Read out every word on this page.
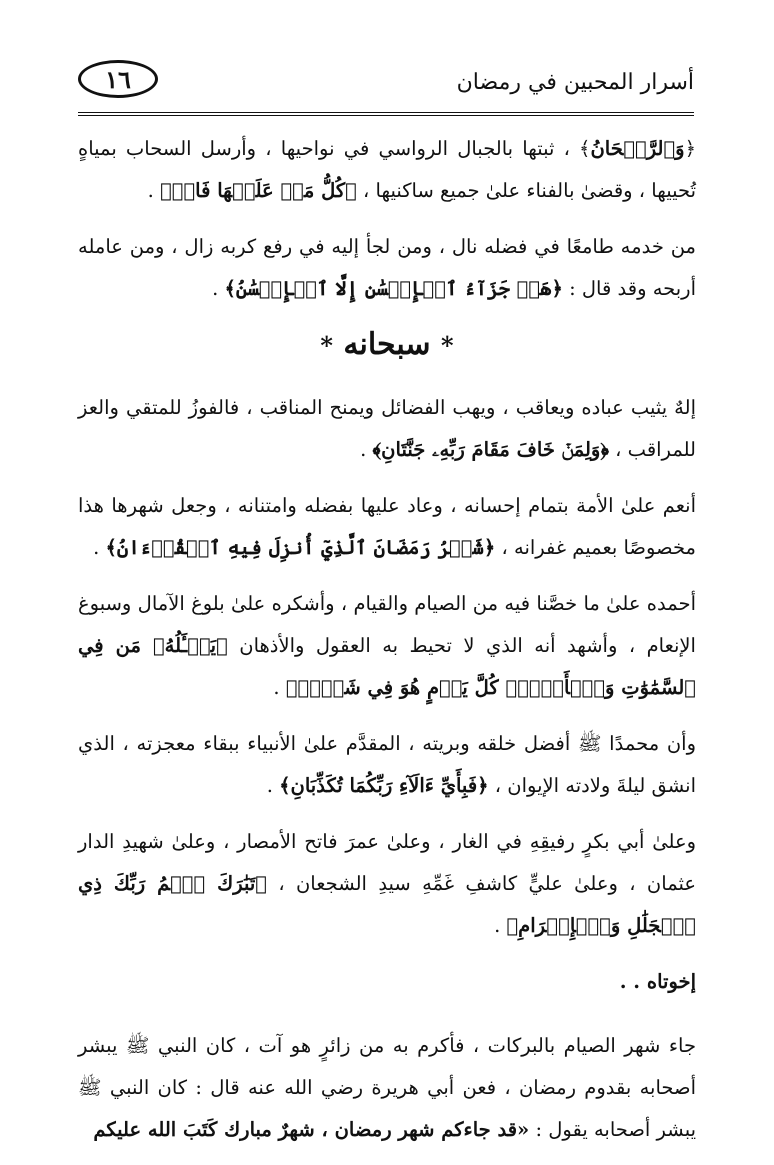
١٦	أسرار المحبين في رمضان

﴿وَٱلرَّيۡحَانُ﴾ ، ثبتها بالجبال الرواسي في نواحيها ، وأرسل السحاب بمياهٍ تُحييها ، وقضىٰ بالفناء علىٰ جميع ساكنيها ، ﴿كُلُّ مَنۡ عَلَيۡهَا فَانٖ﴾ .

من خدمه طامعًا في فضله نال ، ومن لجأ إليه في رفع كربه زال ، ومن عامله أربحه وقد قال : ﴿هَلۡ جَزَآءُ ٱلۡإِحۡسَٰنِ إِلَّا ٱلۡإِحۡسَٰنُ﴾ .

* سبحانه *

إلهٌ يثيب عباده ويعاقب ، ويهب الفضائل ويمنح المناقب ، فالفوزُ للمتقي والعز للمراقب ، ﴿وَلِمَنۡ خَافَ مَقَامَ رَبِّهِۦ جَنَّتَانِ﴾ .

أنعم علىٰ الأمة بتمام إحسانه ، وعاد عليها بفضله وامتنانه ، وجعل شهرها هذا مخصوصًا بعميم غفرانه ، ﴿شَهۡرُ رَمَضَانَ ٱلَّذِيٓ أُنزِلَ فِيهِ ٱلۡقُرۡءَانُ﴾ .

أحمده علىٰ ما خصَّنا فيه من الصيام والقيام ، وأشكره علىٰ بلوغ الآمال وسبوغ الإنعام ، وأشهد أنه الذي لا تحيط به العقول والأذهان ﴿يَسۡـَٔلُهُۥ مَن فِي ٱلسَّمَٰوَٰتِ وَٱلۡأَرۡضِۚ كُلَّ يَوۡمٍ هُوَ فِي شَأۡنٖ﴾ .

وأن محمدًا ﷺ أفضل خلقه وبريته ، المقدَّم علىٰ الأنبياء ببقاء معجزته ، الذي انشق ليلةَ ولادته الإيوان ، ﴿فَبِأَيِّ ءَالَآءِ رَبِّكُمَا تُكَذِّبَانِ﴾ .

وعلىٰ أبي بكرٍ رفيقِهِ في الغار ، وعلىٰ عمرَ فاتح الأمصار ، وعلىٰ شهيدِ الدار عثمان ، وعلىٰ عليٍّ كاشفِ غَمِّهِ سيدِ الشجعان ، ﴿تَبَٰرَكَ ٱسۡمُ رَبِّكَ ذِي ٱلۡجَلَٰلِ وَٱلۡإِكۡرَامِ﴾ .

إخوتاه . .

جاء شهر الصيام بالبركات ، فأكرم به من زائرٍ هو آت ، كان النبي ﷺ يبشر أصحابه بقدوم رمضان ، فعن أبي هريرة رضي الله عنه قال : كان النبي ﷺ يبشر أصحابه يقول : «قد جاءكم شهر رمضان ، شهرٌ مبارك كَتَبَ الله عليكم
